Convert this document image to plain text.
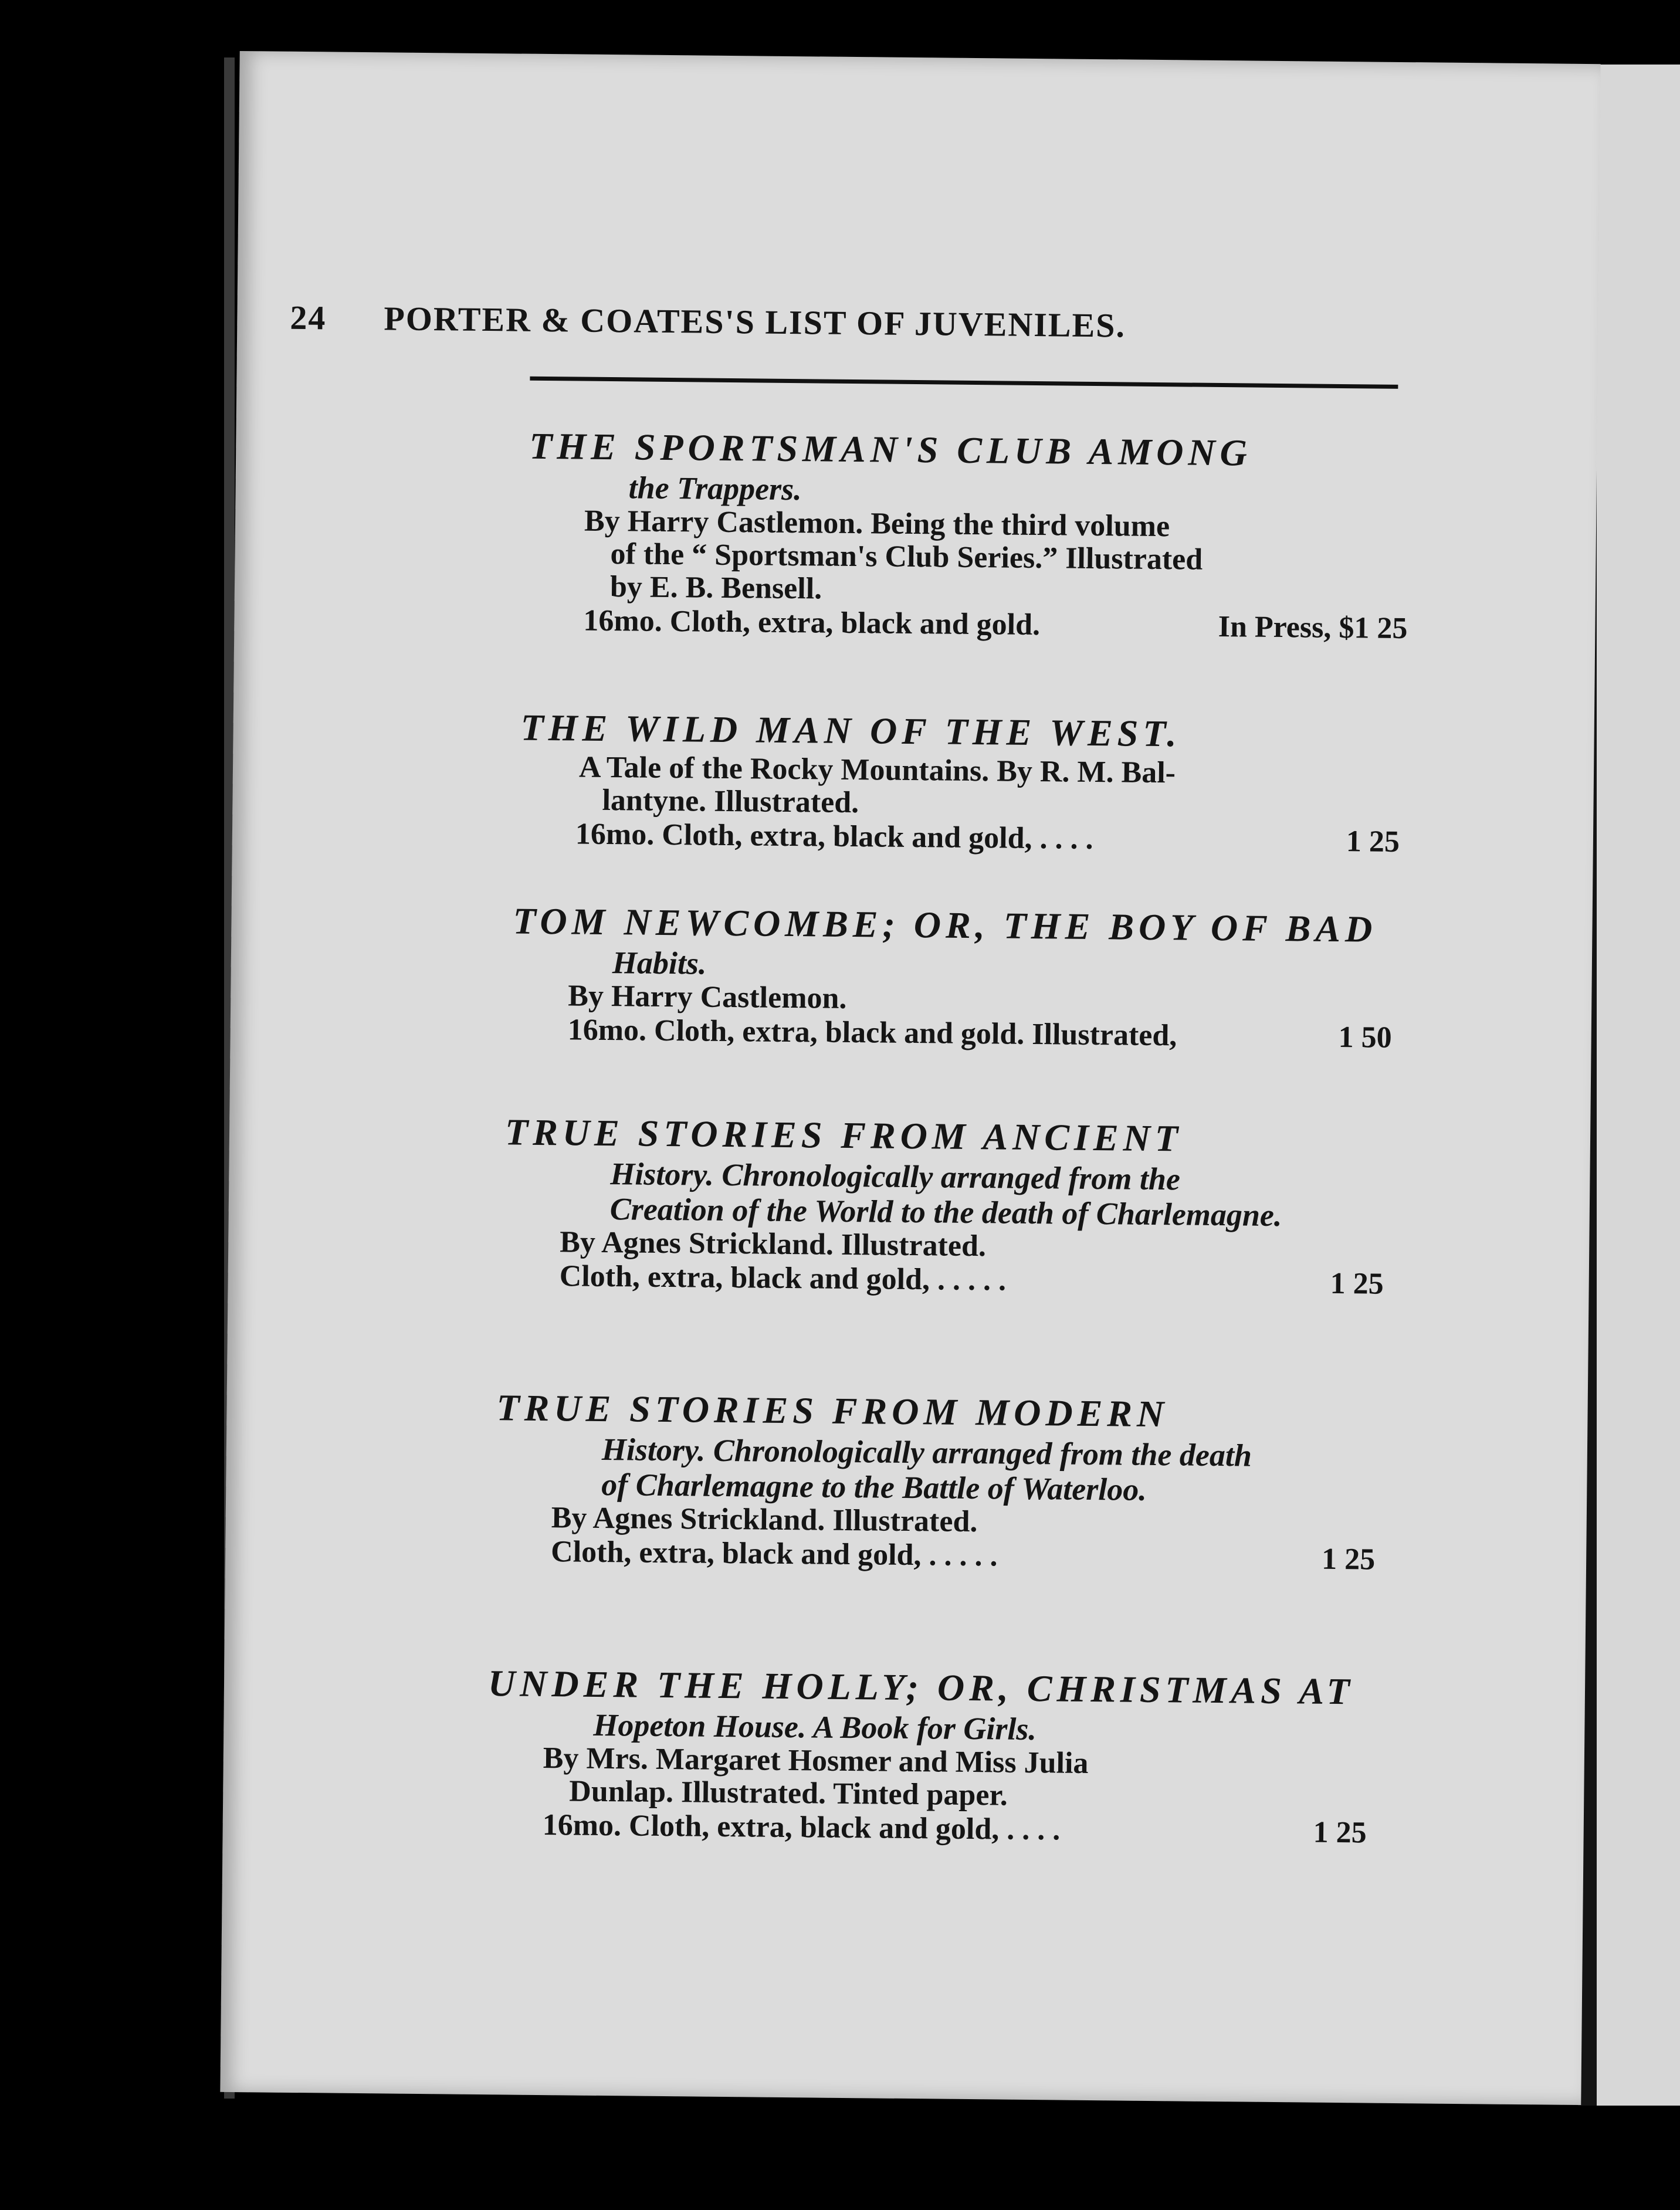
24	PORTER & COATES'S LIST OF JUVENILES.
THE SPORTSMAN'S CLUB AMONG
the Trappers.
By Harry Castlemon. Being the third volume
of the “ Sportsman's Club Series.” Illustrated
by E. B. Bensell.
16mo. Cloth, extra, black and gold.	In Press, $1 25
THE WILD MAN OF THE WEST.
A Tale of the Rocky Mountains. By R. M. Bal-
lantyne. Illustrated.
16mo. Cloth, extra, black and gold, . . . .	1 25
TOM NEWCOMBE; OR, THE BOY OF BAD
Habits.
By Harry Castlemon.
16mo. Cloth, extra, black and gold. Illustrated,	1 50
TRUE STORIES FROM ANCIENT
History. Chronologically arranged from the Creation of the World to the death of Charlemagne.
By Agnes Strickland. Illustrated.
Cloth, extra, black and gold, . . . . .	1 25
TRUE STORIES FROM MODERN
History. Chronologically arranged from the death of Charlemagne to the Battle of Waterloo.
By Agnes Strickland. Illustrated.
Cloth, extra, black and gold, . . . . .	1 25
UNDER THE HOLLY; OR, CHRISTMAS AT
Hopeton House. A Book for Girls.
By Mrs. Margaret Hosmer and Miss Julia
Dunlap. Illustrated. Tinted paper.
16mo. Cloth, extra, black and gold, . . . .	1 25
